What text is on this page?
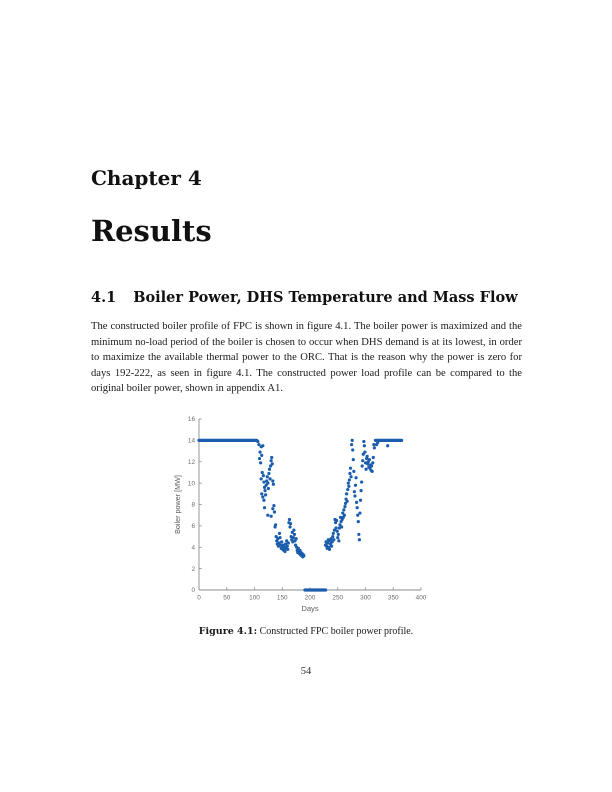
Chapter 4
Results
4.1 Boiler Power, DHS Temperature and Mass Flow
The constructed boiler profile of FPC is shown in figure 4.1. The boiler power is maximized and the minimum no-load period of the boiler is chosen to occur when DHS demand is at its lowest, in order to maximize the available thermal power to the ORC. That is the reason why the power is zero for days 192-222, as seen in figure 4.1. The constructed power load profile can be compared to the original boiler power, shown in appendix A1.
0	50	100	150	200	250	300	350	400
0
2
4
6
8
10
12
14
16
Days
Boiler power [MW]
Figure 4.1: Constructed FPC boiler power profile.
54
